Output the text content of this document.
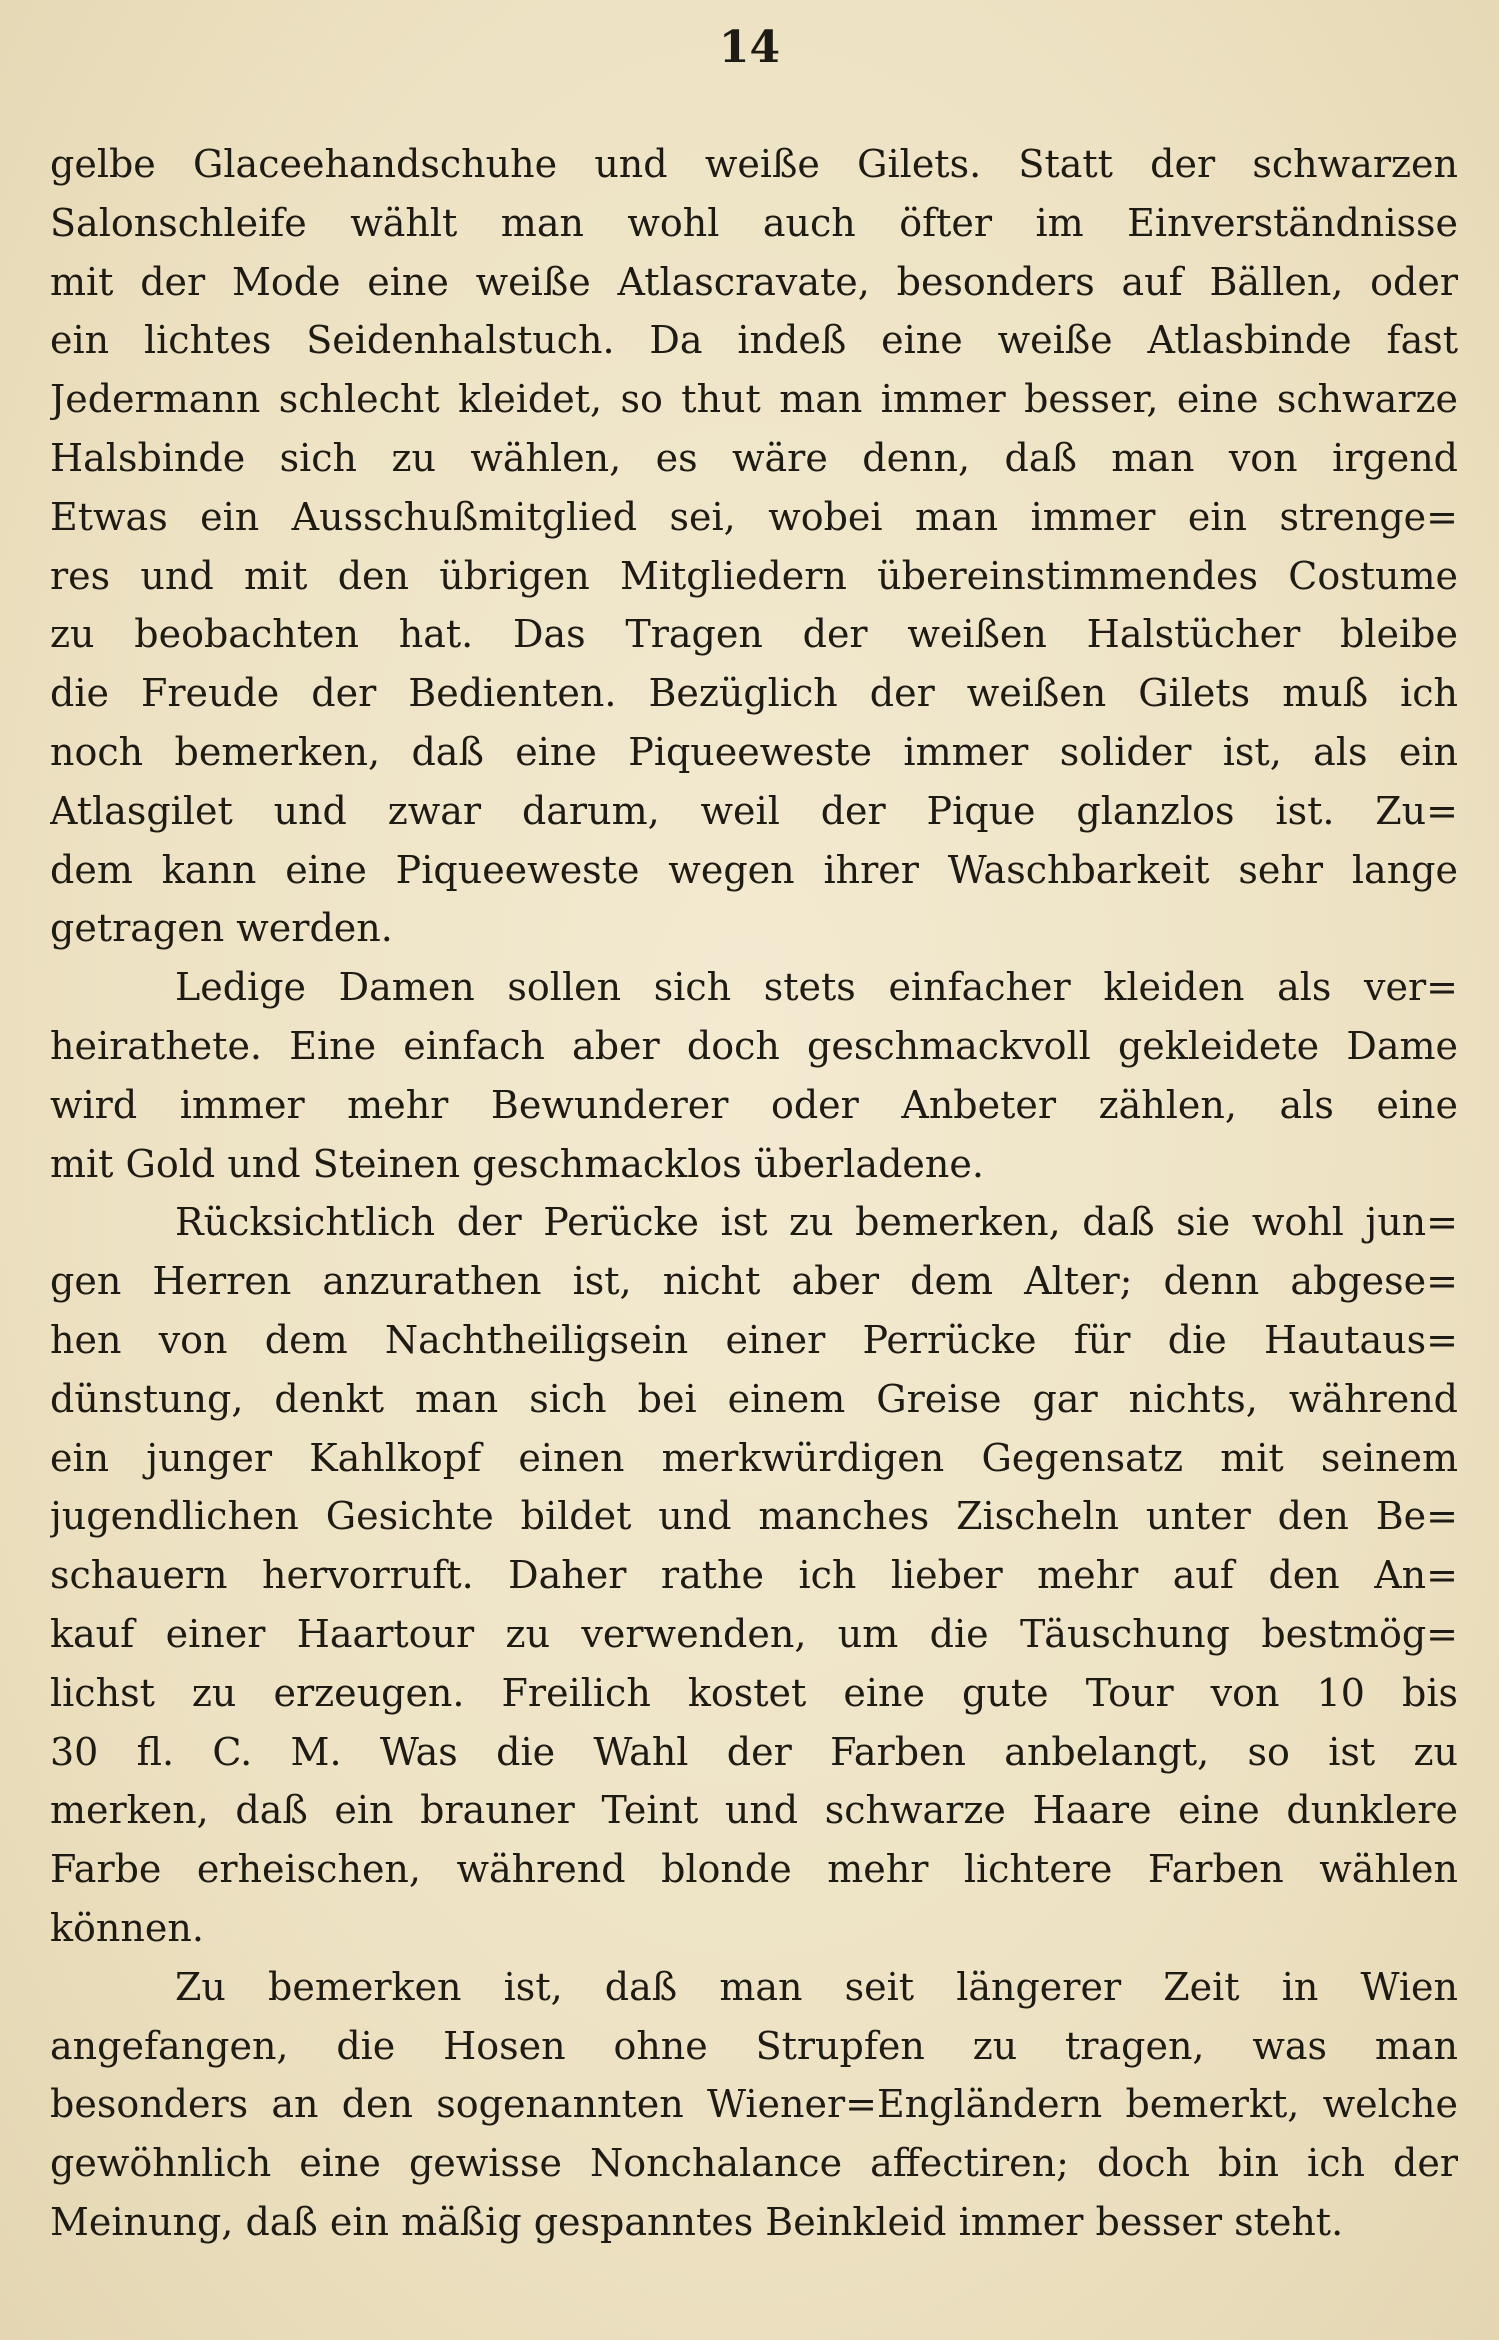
14
gelbe Glaceehandschuhe und weiße Gilets. Statt der schwarzen
Salonschleife wählt man wohl auch öfter im Einverständnisse
mit der Mode eine weiße Atlascravate, besonders auf Bällen, oder
ein lichtes Seidenhalstuch. Da indeß eine weiße Atlasbinde fast
Jedermann schlecht kleidet, so thut man immer besser, eine schwarze
Halsbinde sich zu wählen, es wäre denn, daß man von irgend
Etwas ein Ausschußmitglied sei, wobei man immer ein strenge=
res und mit den übrigen Mitgliedern übereinstimmendes Costume
zu beobachten hat. Das Tragen der weißen Halstücher bleibe
die Freude der Bedienten. Bezüglich der weißen Gilets muß ich
noch bemerken, daß eine Piqueeweste immer solider ist, als ein
Atlasgilet und zwar darum, weil der Pique glanzlos ist. Zu=
dem kann eine Piqueeweste wegen ihrer Waschbarkeit sehr lange
getragen werden.
Ledige Damen sollen sich stets einfacher kleiden als ver=
heirathete. Eine einfach aber doch geschmackvoll gekleidete Dame
wird immer mehr Bewunderer oder Anbeter zählen, als eine
mit Gold und Steinen geschmacklos überladene.
Rücksichtlich der Perücke ist zu bemerken, daß sie wohl jun=
gen Herren anzurathen ist, nicht aber dem Alter; denn abgese=
hen von dem Nachtheiligsein einer Perrücke für die Hautaus=
dünstung, denkt man sich bei einem Greise gar nichts, während
ein junger Kahlkopf einen merkwürdigen Gegensatz mit seinem
jugendlichen Gesichte bildet und manches Zischeln unter den Be=
schauern hervorruft. Daher rathe ich lieber mehr auf den An=
kauf einer Haartour zu verwenden, um die Täuschung bestmög=
lichst zu erzeugen. Freilich kostet eine gute Tour von 10 bis
30 fl. C. M. Was die Wahl der Farben anbelangt, so ist zu
merken, daß ein brauner Teint und schwarze Haare eine dunklere
Farbe erheischen, während blonde mehr lichtere Farben wählen
können.
Zu bemerken ist, daß man seit längerer Zeit in Wien
angefangen, die Hosen ohne Strupfen zu tragen, was man
besonders an den sogenannten Wiener=Engländern bemerkt, welche
gewöhnlich eine gewisse Nonchalance affectiren; doch bin ich der
Meinung, daß ein mäßig gespanntes Beinkleid immer besser steht.
